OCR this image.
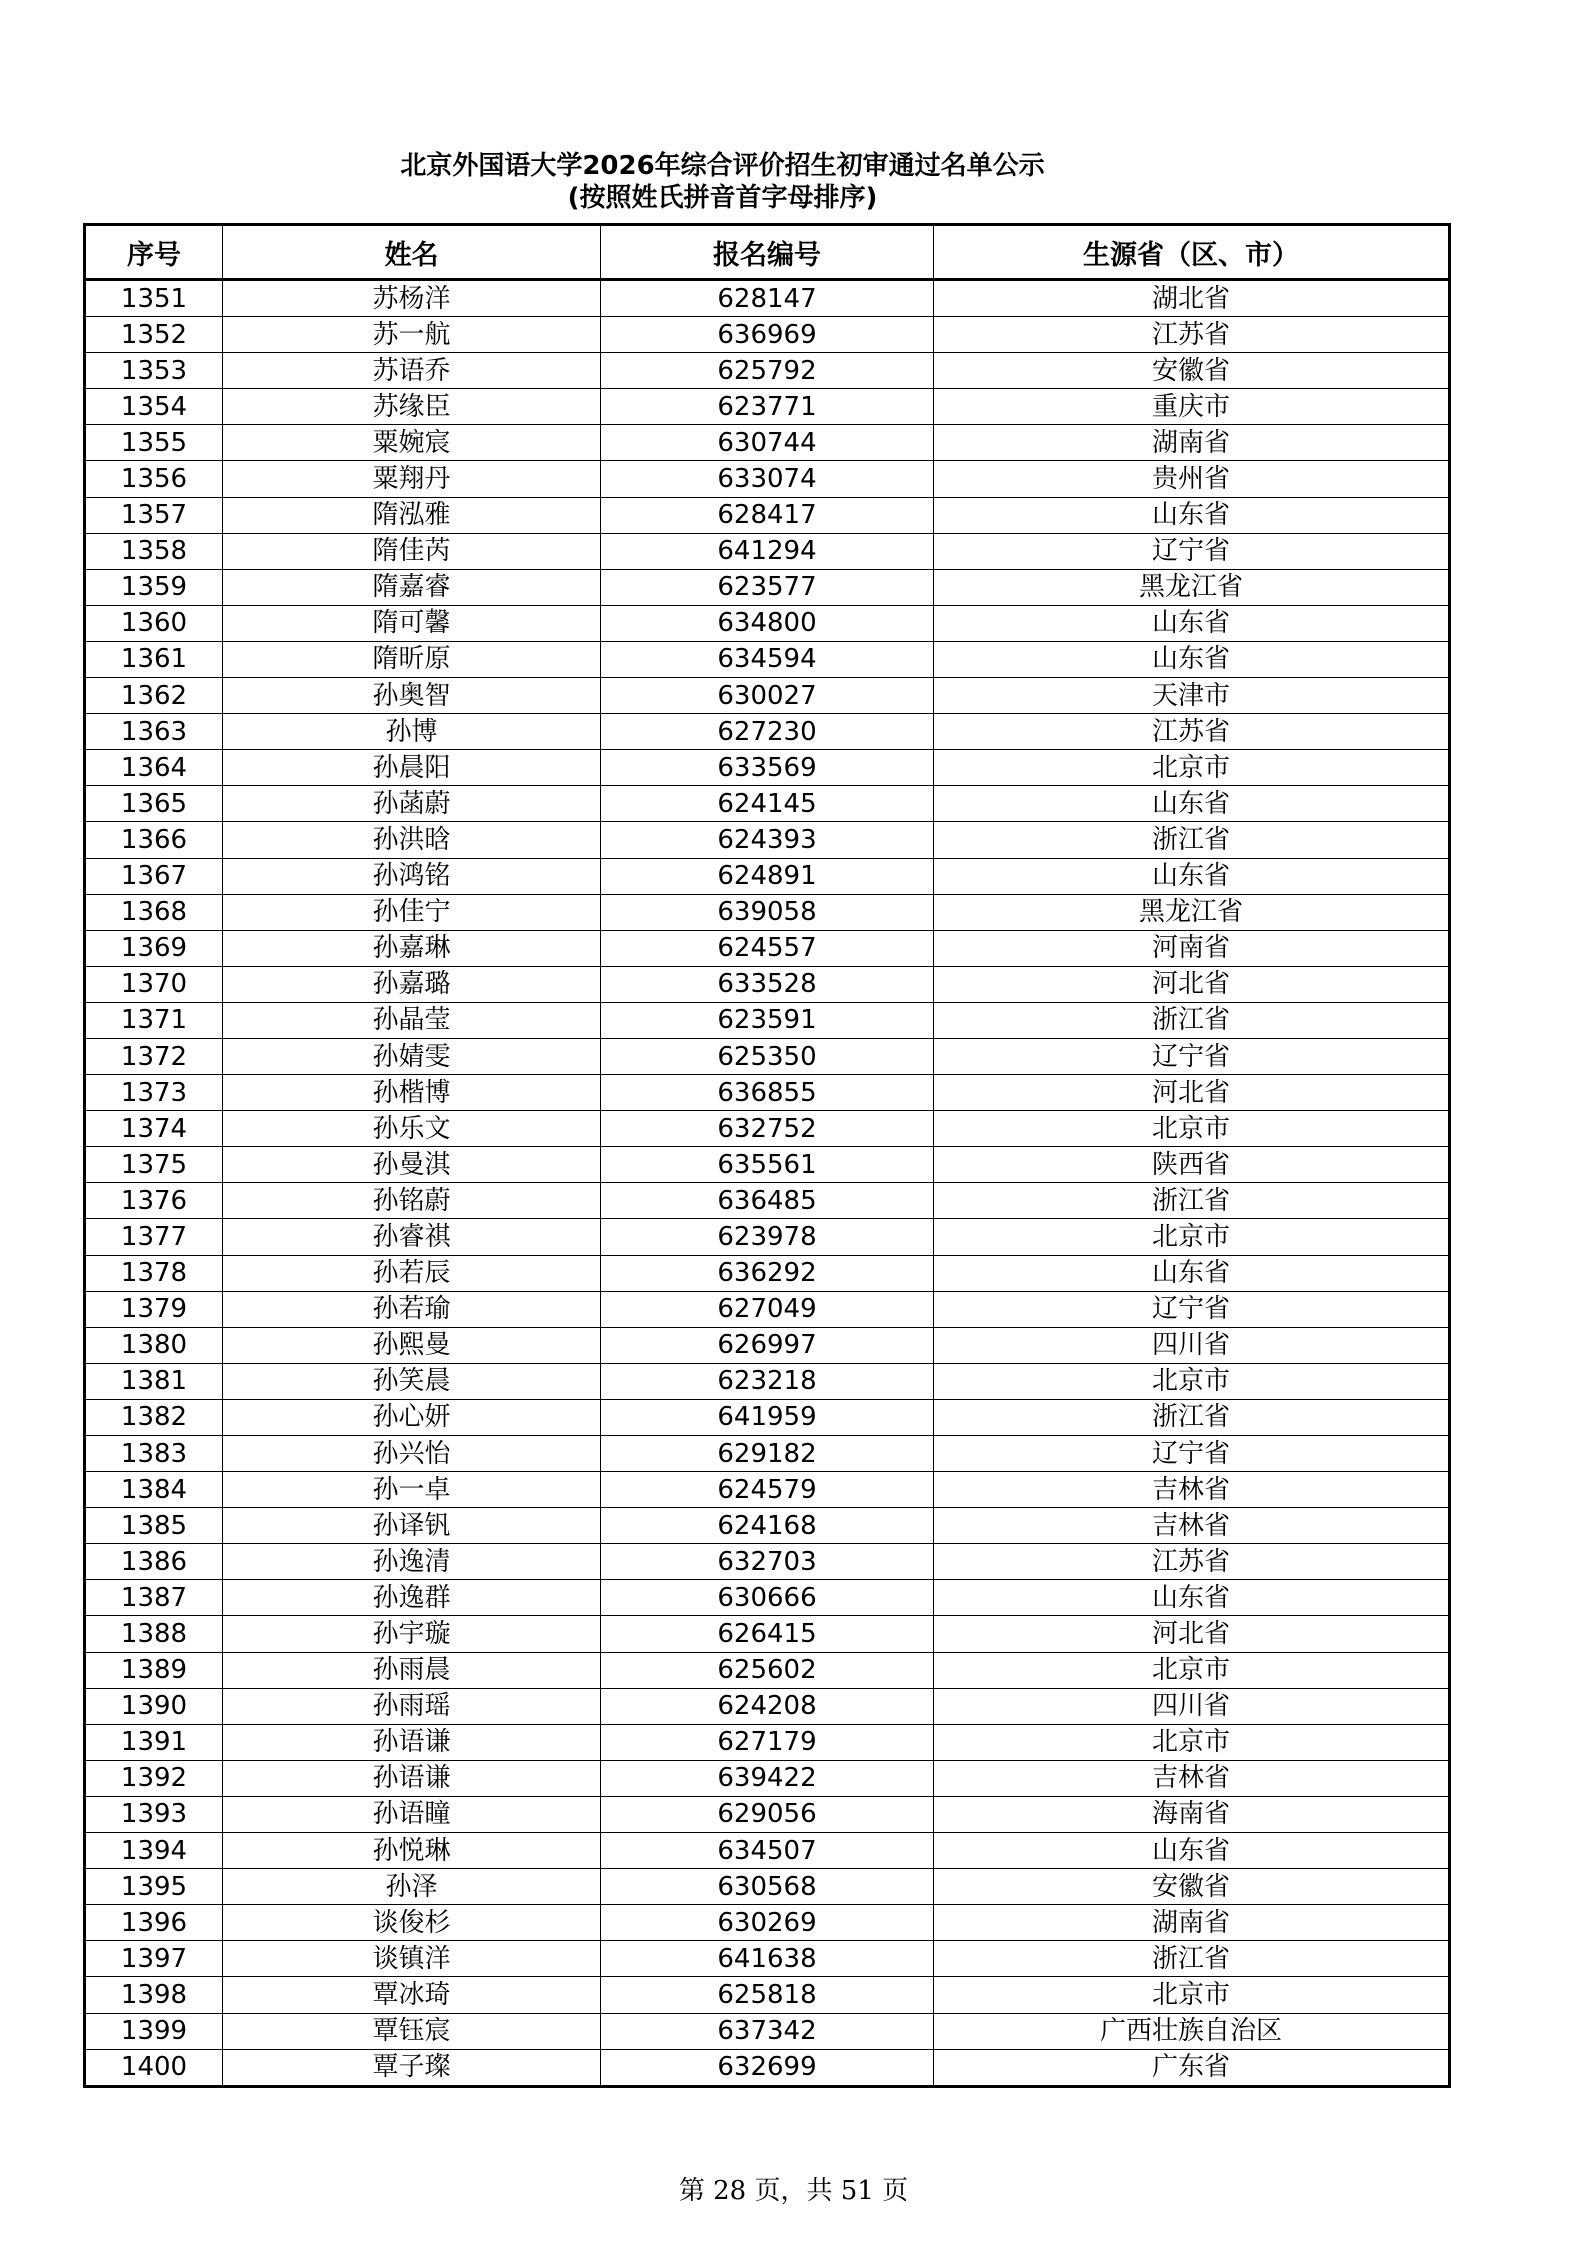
北京外国语大学2026年综合评价招生初审通过名单公示
(按照姓氏拼音首字母排序)
序号	姓名	报名编号	生源省（区、市）
1351	苏杨洋	628147	湖北省
1352	苏一航	636969	江苏省
1353	苏语乔	625792	安徽省
1354	苏缘臣	623771	重庆市
1355	粟婉宸	630744	湖南省
1356	粟翔丹	633074	贵州省
1357	隋泓雅	628417	山东省
1358	隋佳芮	641294	辽宁省
1359	隋嘉睿	623577	黑龙江省
1360	隋可馨	634800	山东省
1361	隋昕原	634594	山东省
1362	孙奥智	630027	天津市
1363	孙博	627230	江苏省
1364	孙晨阳	633569	北京市
1365	孙菡蔚	624145	山东省
1366	孙洪晗	624393	浙江省
1367	孙鸿铭	624891	山东省
1368	孙佳宁	639058	黑龙江省
1369	孙嘉琳	624557	河南省
1370	孙嘉璐	633528	河北省
1371	孙晶莹	623591	浙江省
1372	孙婧雯	625350	辽宁省
1373	孙楷博	636855	河北省
1374	孙乐文	632752	北京市
1375	孙曼淇	635561	陕西省
1376	孙铭蔚	636485	浙江省
1377	孙睿祺	623978	北京市
1378	孙若辰	636292	山东省
1379	孙若瑜	627049	辽宁省
1380	孙熙曼	626997	四川省
1381	孙笑晨	623218	北京市
1382	孙心妍	641959	浙江省
1383	孙兴怡	629182	辽宁省
1384	孙一卓	624579	吉林省
1385	孙译钒	624168	吉林省
1386	孙逸清	632703	江苏省
1387	孙逸群	630666	山东省
1388	孙宇璇	626415	河北省
1389	孙雨晨	625602	北京市
1390	孙雨瑶	624208	四川省
1391	孙语谦	627179	北京市
1392	孙语谦	639422	吉林省
1393	孙语瞳	629056	海南省
1394	孙悦琳	634507	山东省
1395	孙泽	630568	安徽省
1396	谈俊杉	630269	湖南省
1397	谈镇洋	641638	浙江省
1398	覃冰琦	625818	北京市
1399	覃钰宸	637342	广西壮族自治区
1400	覃子璨	632699	广东省
第 28 页，共 51 页
